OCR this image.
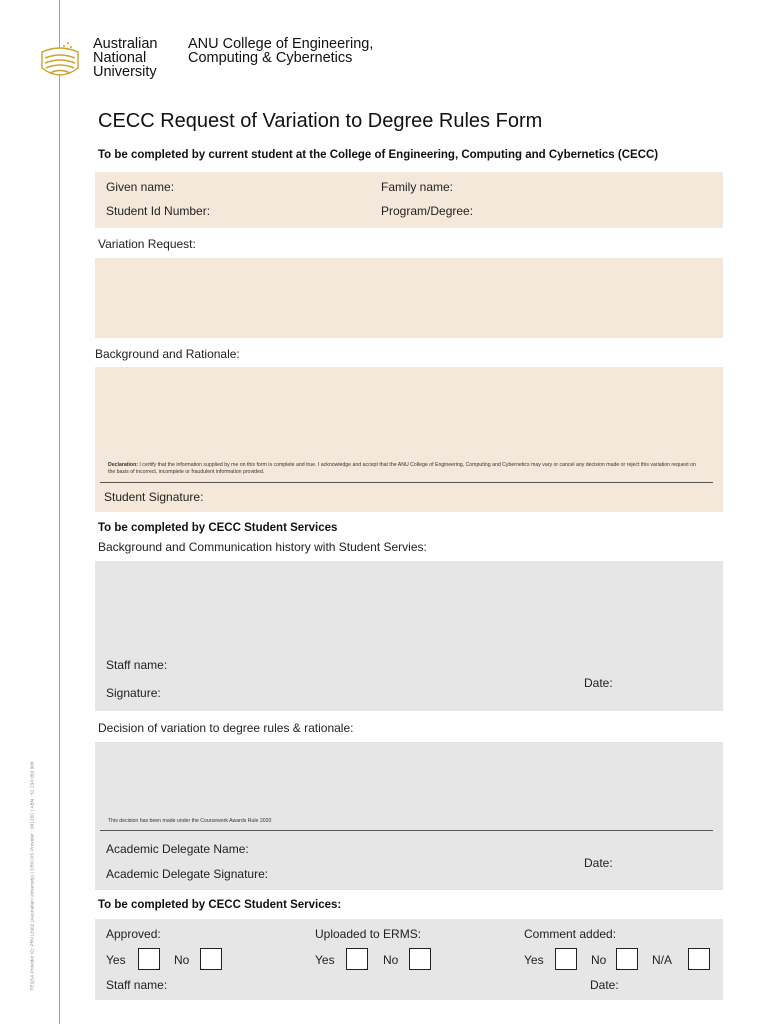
TEQSA Provider ID: PRV12002 (Australian University) | CRICOS Provider : 00120C | ABN : 52 234 063 906
Australian National University
ANU College of Engineering, Computing & Cybernetics
CECC Request of Variation to Degree Rules Form
To be completed by current student at the College of Engineering, Computing and Cybernetics (CECC)
Given name:	Family name:
Student Id Number:	Program/Degree:
Variation Request:
Background and Rationale:
Declaration: I certify that the information supplied by me on this form is complete and true. I acknowledge and accept that the ANU College of Engineering, Computing and Cybernetics may vary or cancel any decision made or reject this variation request on the basis of incorrect, incomplete or fraudulent information provided.
Student Signature:
To be completed by CECC Student Services
Background and Communication history with Student Servies:
Staff name:
Date:
Signature:
Decision of variation to degree rules & rationale:
This decision has been made under the Coursework Awards Rule 2020
Academic Delegate Name:
Date:
Academic Delegate Signature:
To be completed by CECC Student Services:
Approved:	Uploaded to ERMS:	Comment added:
Yes	No	Yes	No	Yes	No	N/A
Staff name:	Date:
